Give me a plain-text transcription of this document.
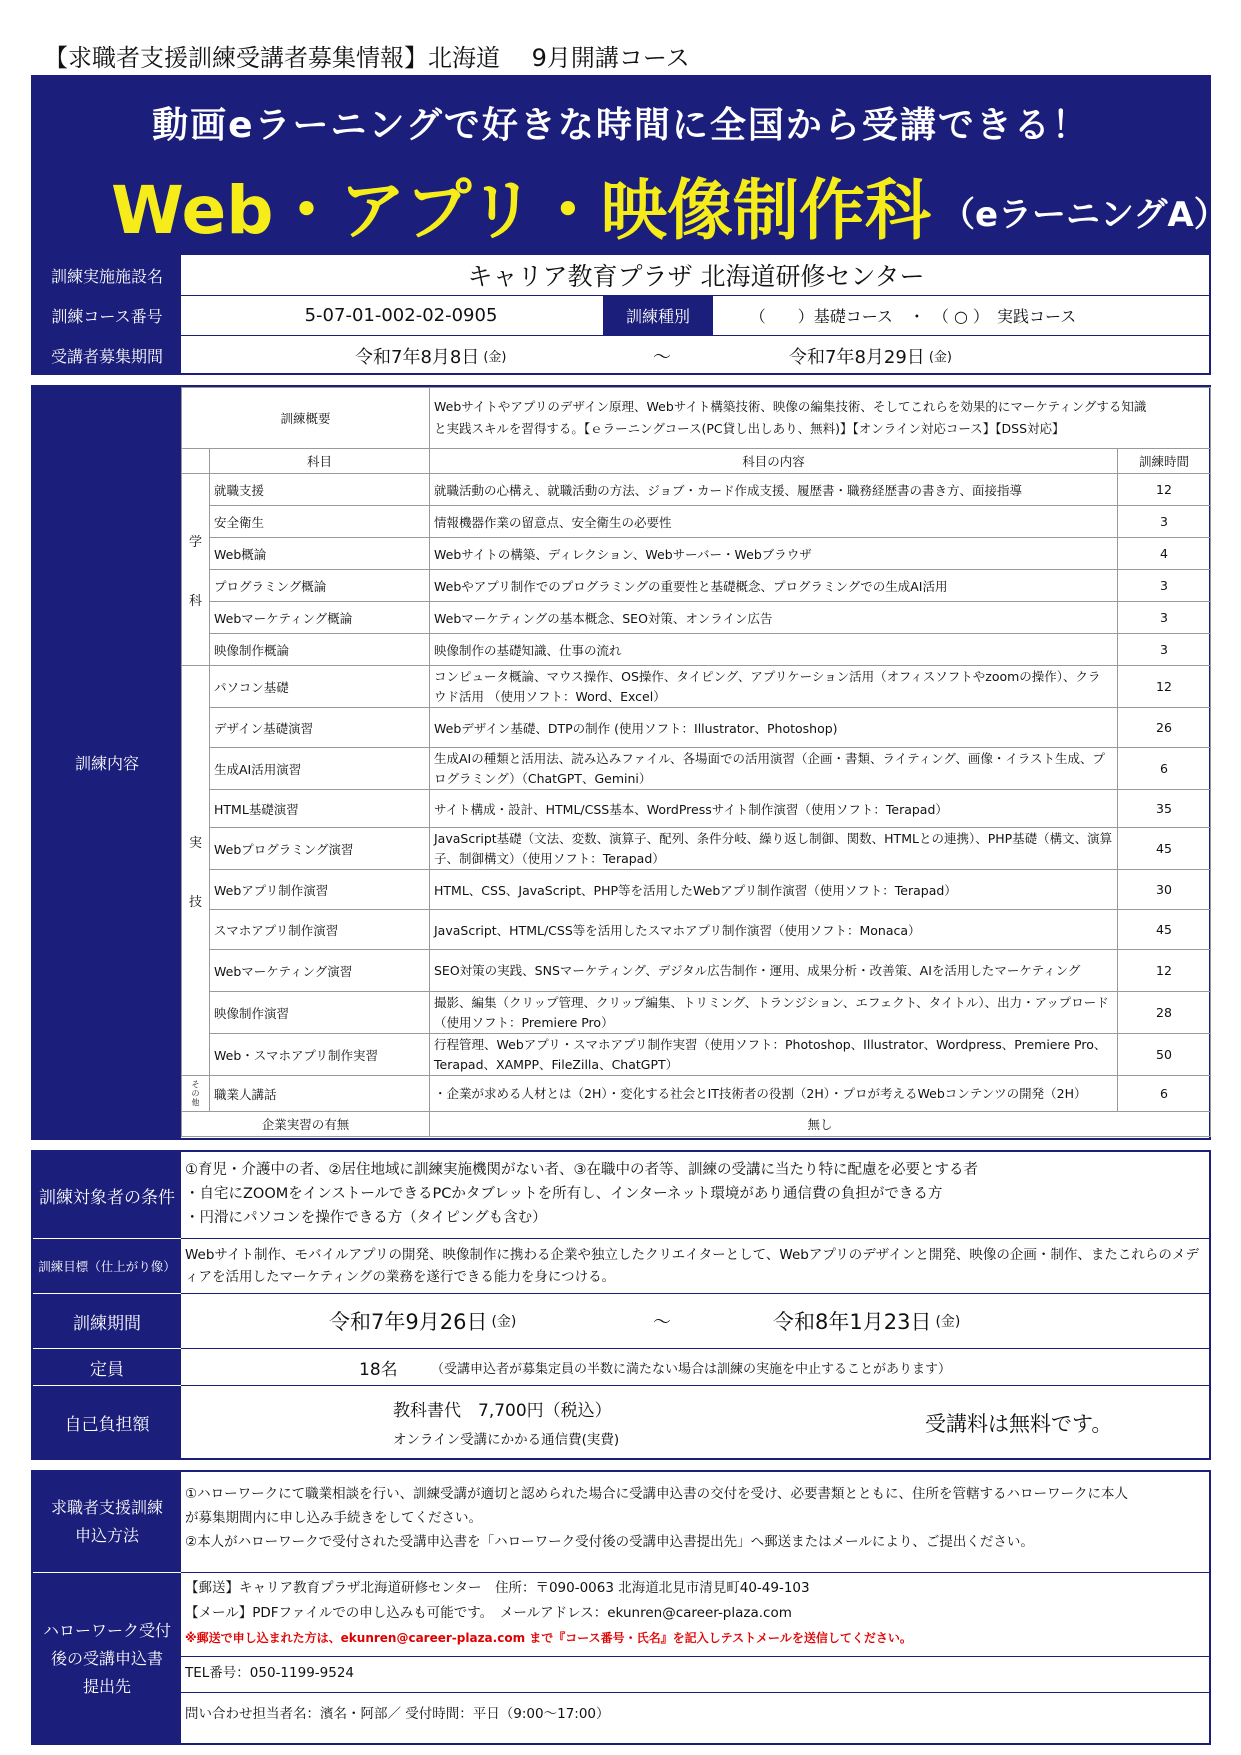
【求職者支援訓練受講者募集情報】北海道　 9月開講コース
動画eラーニングで好きな時間に全国から受講できる！
Web・アプリ・映像制作科 （eラーニングA）
訓練実施施設名	キャリア教育プラザ 北海道研修センター
訓練コース番号	5-07-01-002-02-0905	訓練種別	（　　）基礎コース　・　（ ○ ）　実践コース
受講者募集期間	令和7年8月8日 (金)	～	令和7年8月29日 (金)
訓練内容
訓練概要		Webサイトやアプリのデザイン原理、Webサイト構築技術、映像の編集技術、そしてこれらを効果的にマーケティングする知識
と実践スキルを習得する。【ｅラーニングコース(PC貸し出しあり、無料)】【オンライン対応コース】【DSS対応】	

	科目	科目の内容	訓練時間

学
科	就職支援	就職活動の心構え、就職活動の方法、ジョブ・カード作成支援、履歴書・職務経歴書の書き方、面接指導	12
	安全衛生	情報機器作業の留意点、安全衛生の必要性	3
	Web概論	Webサイトの構築、ディレクション、Webサーバー・Webブラウザ	4
	プログラミング概論	Webやアプリ制作でのプログラミングの重要性と基礎概念、プログラミングでの生成AI活用	3
	Webマーケティング概論	Webマーケティングの基本概念、SEO対策、オンライン広告	3
	映像制作概論	映像制作の基礎知識、仕事の流れ	3

実
技	パソコン基礎	コンピュータ概論、マウス操作、OS操作、タイピング、アプリケーション活用（オフィスソフトやzoomの操作）、クラウド活用 （使用ソフト：Word、Excel）	12
	デザイン基礎演習	Webデザイン基礎、DTPの制作 (使用ソフト：Illustrator、Photoshop)	26
	生成AI活用演習	生成AIの種類と活用法、読み込みファイル、各場面での活用演習（企画・書類、ライティング、画像・イラスト生成、プログラミング）（ChatGPT、Gemini）	6
	HTML基礎演習	サイト構成・設計、HTML/CSS基本、WordPressサイト制作演習（使用ソフト：Terapad）	35
	Webプログラミング演習	JavaScript基礎（文法、変数、演算子、配列、条件分岐、繰り返し制御、関数、HTMLとの連携）、PHP基礎（構文、演算子、制御構文）（使用ソフト：Terapad）	45
	Webアプリ制作演習	HTML、CSS、JavaScript、PHP等を活用したWebアプリ制作演習（使用ソフト：Terapad）	30
	スマホアプリ制作演習	JavaScript、HTML/CSS等を活用したスマホアプリ制作演習（使用ソフト：Monaca）	45
	Webマーケティング演習	SEO対策の実践、SNSマーケティング、デジタル広告制作・運用、成果分析・改善策、AIを活用したマーケティング	12
	映像制作演習	撮影、編集（クリップ管理、クリップ編集、トリミング、トランジション、エフェクト、タイトル）、出力・アップロード（使用ソフト：Premiere Pro）	28
	Web・スマホアプリ制作実習	行程管理、Webアプリ・スマホアプリ制作実習（使用ソフト：Photoshop、Illustrator、Wordpress、Premiere Pro、Terapad、XAMPP、FileZilla、ChatGPT）	50

そ
の
他	職業人講話	・企業が求める人材とは（2H）・変化する社会とIT技術者の役割（2H）・プロが考えるWebコンテンツの開発（2H）	6
企業実習の有無		無し	
訓練対象者の条件
①育児・介護中の者、②居住地域に訓練実施機関がない者、③在職中の者等、訓練の受講に当たり特に配慮を必要とする者
・自宅にZOOMをインストールできるPCかタブレットを所有し、インターネット環境があり通信費の負担ができる方
・円滑にパソコンを操作できる方（タイピングも含む）
訓練目標（仕上がり像）
Webサイト制作、モバイルアプリの開発、映像制作に携わる企業や独立したクリエイターとして、Webアプリのデザインと開発、映像の企画・制作、またこれらのメディアを活用したマーケティングの業務を遂行できる能力を身につける。
訓練期間	令和7年9月26日 (金)	～	令和8年1月23日 (金)
定員	18名	（受講申込者が募集定員の半数に満たない場合は訓練の実施を中止することがあります）
自己負担額
教科書代　7,700円（税込）
オンライン受講にかかる通信費(実費)
受講料は無料です。
求職者支援訓練
申込方法
①ハローワークにて職業相談を行い、訓練受講が適切と認められた場合に受講申込書の交付を受け、必要書類とともに、住所を管轄するハローワークに本人
が募集期間内に申し込み手続きをしてください。
②本人がハローワークで受付された受講申込書を「ハローワーク受付後の受講申込書提出先」へ郵送またはメールにより、ご提出ください。
ハローワーク受付
後の受講申込書
提出先
【郵送】キャリア教育プラザ北海道研修センター　住所：〒090-0063 北海道北見市清見町40-49-103
【メール】PDFファイルでの申し込みも可能です。　メールアドレス：ekunren@career-plaza.com
※郵送で申し込まれた方は、ekunren@career-plaza.com まで『コース番号・氏名』を記入しテストメールを送信してください。
TEL番号：050-1199-9524
問い合わせ担当者名：濱名・阿部／ 受付時間：平日（9:00～17:00）
